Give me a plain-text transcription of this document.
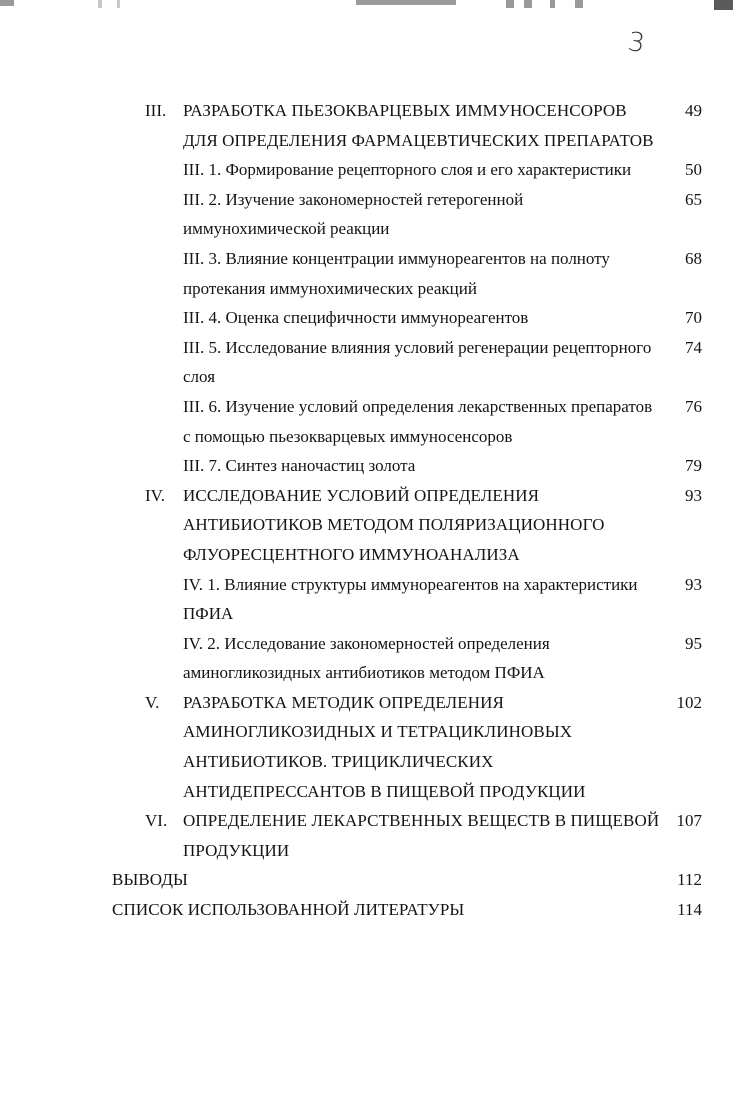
3
III. РАЗРАБОТКА ПЬЕЗОКВАРЦЕВЫХ ИММУНОСЕНСОРОВ	49
ДЛЯ ОПРЕДЕЛЕНИЯ ФАРМАЦЕВТИЧЕСКИХ ПРЕПАРАТОВ
III. 1. Формирование рецепторного слоя и его характеристики	50
III. 2. Изучение закономерностей гетерогенной	65
иммунохимической реакции
III. 3. Влияние концентрации иммунореагентов на полноту	68
протекания иммунохимических реакций
III. 4. Оценка специфичности иммунореагентов	70
III. 5. Исследование влияния условий регенерации рецепторного 74
слоя
III. 6. Изучение условий определения лекарственных препаратов 76
с помощью пьезокварцевых иммуносенсоров
III. 7. Синтез наночастиц золота	79
IV. ИССЛЕДОВАНИЕ УСЛОВИЙ ОПРЕДЕЛЕНИЯ	93
АНТИБИОТИКОВ МЕТОДОМ ПОЛЯРИЗАЦИОННОГО
ФЛУОРЕСЦЕНТНОГО ИММУНОАНАЛИЗА
IV. 1. Влияние структуры иммунореагентов на характеристики	93
ПФИА
IV. 2. Исследование закономерностей определения	95
аминогликозидных антибиотиков методом ПФИА
V. РАЗРАБОТКА МЕТОДИК ОПРЕДЕЛЕНИЯ	102
АМИНОГЛИКОЗИДНЫХ И ТЕТРАЦИКЛИНОВЫХ
АНТИБИОТИКОВ. ТРИЦИКЛИЧЕСКИХ
АНТИДЕПРЕССАНТОВ В ПИЩЕВОЙ ПРОДУКЦИИ
VI. ОПРЕДЕЛЕНИЕ ЛЕКАРСТВЕННЫХ ВЕЩЕСТВ В ПИЩЕВОЙ 107
ПРОДУКЦИИ
ВЫВОДЫ	112
СПИСОК ИСПОЛЬЗОВАННОЙ ЛИТЕРАТУРЫ	114
